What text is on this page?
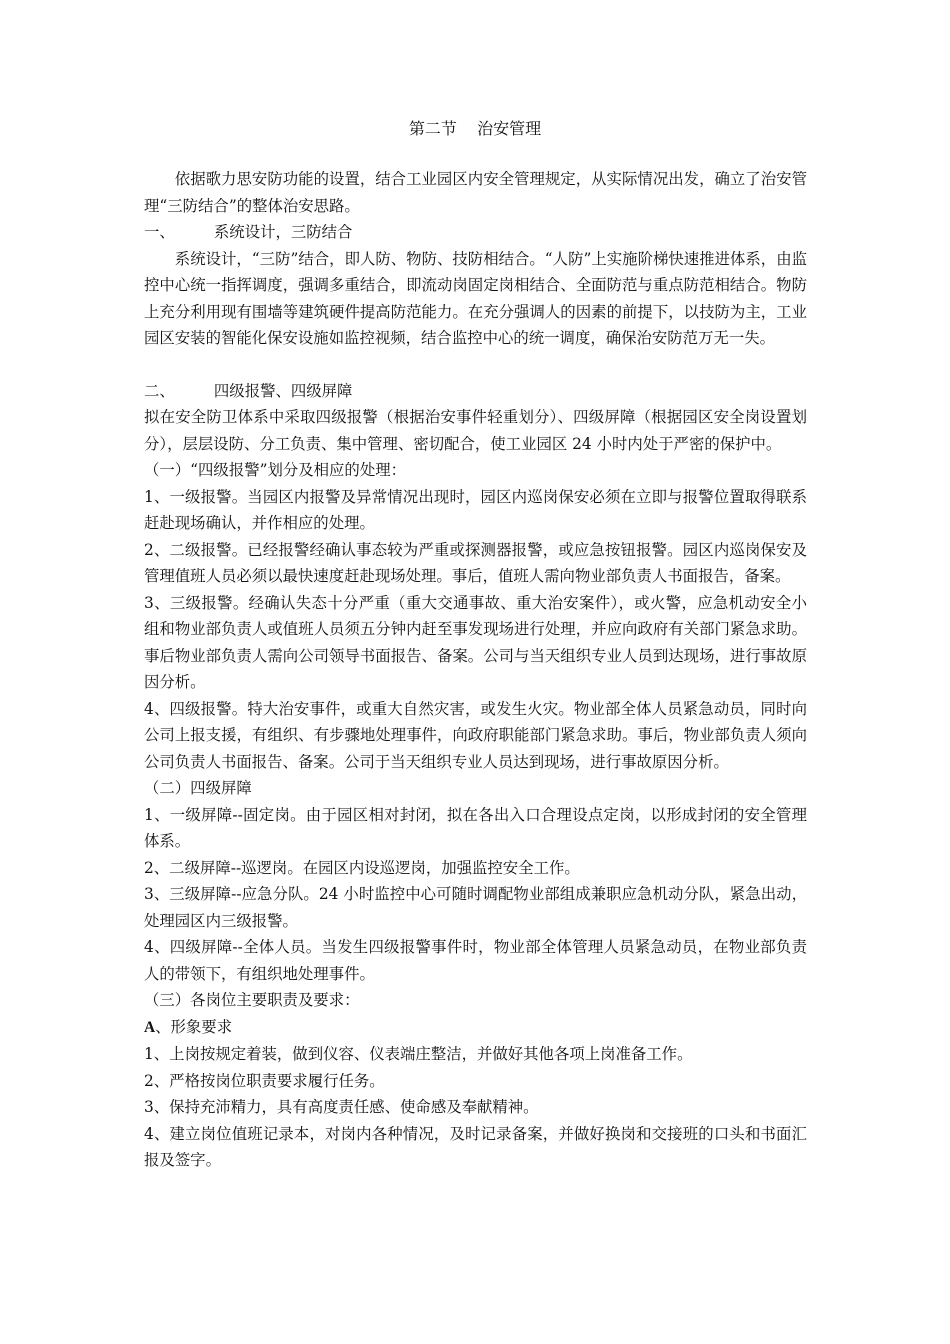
第二节    治安管理

依据歌力思安防功能的设置，结合工业园区内安全管理规定，从实际情况出发，确立了治安管理“三防结合”的整体治安思路。

一、        系统设计，三防结合

系统设计，“三防”结合，即人防、物防、技防相结合。“人防”上实施阶梯快速推进体系，由监控中心统一指挥调度，强调多重结合，即流动岗固定岗相结合、全面防范与重点防范相结合。物防上充分利用现有围墙等建筑硬件提高防范能力。在充分强调人的因素的前提下，以技防为主，工业园区安装的智能化保安设施如监控视频，结合监控中心的统一调度，确保治安防范万无一失。

二、        四级报警、四级屏障

拟在安全防卫体系中采取四级报警（根据治安事件轻重划分）、四级屏障（根据园区安全岗设置划分），层层设防、分工负责、集中管理、密切配合，使工业园区 24 小时内处于严密的保护中。

（一）“四级报警”划分及相应的处理：

1、一级报警。当园区内报警及异常情况出现时，园区内巡岗保安必须在立即与报警位置取得联系赶赴现场确认，并作相应的处理。

2、二级报警。已经报警经确认事态较为严重或探测器报警，或应急按钮报警。园区内巡岗保安及管理值班人员必须以最快速度赶赴现场处理。事后，值班人需向物业部负责人书面报告，备案。

3、三级报警。经确认失态十分严重（重大交通事故、重大治安案件），或火警，应急机动安全小组和物业部负责人或值班人员须五分钟内赶至事发现场进行处理，并应向政府有关部门紧急求助。事后物业部负责人需向公司领导书面报告、备案。公司与当天组织专业人员到达现场，进行事故原因分析。

4、四级报警。特大治安事件，或重大自然灾害，或发生火灾。物业部全体人员紧急动员，同时向公司上报支援，有组织、有步骤地处理事件，向政府职能部门紧急求助。事后，物业部负责人须向公司负责人书面报告、备案。公司于当天组织专业人员达到现场，进行事故原因分析。

（二）四级屏障

1、一级屏障--固定岗。由于园区相对封闭，拟在各出入口合理设点定岗，以形成封闭的安全管理体系。

2、二级屏障--巡逻岗。在园区内设巡逻岗，加强监控安全工作。

3、三级屏障--应急分队。24 小时监控中心可随时调配物业部组成兼职应急机动分队，紧急出动，处理园区内三级报警。

4、四级屏障--全体人员。当发生四级报警事件时，物业部全体管理人员紧急动员，在物业部负责人的带领下，有组织地处理事件。

（三）各岗位主要职责及要求：

A、形象要求

1、上岗按规定着装，做到仪容、仪表端庄整洁，并做好其他各项上岗准备工作。

2、严格按岗位职责要求履行任务。

3、保持充沛精力，具有高度责任感、使命感及奉献精神。

4、建立岗位值班记录本，对岗内各种情况，及时记录备案，并做好换岗和交接班的口头和书面汇报及签字。
